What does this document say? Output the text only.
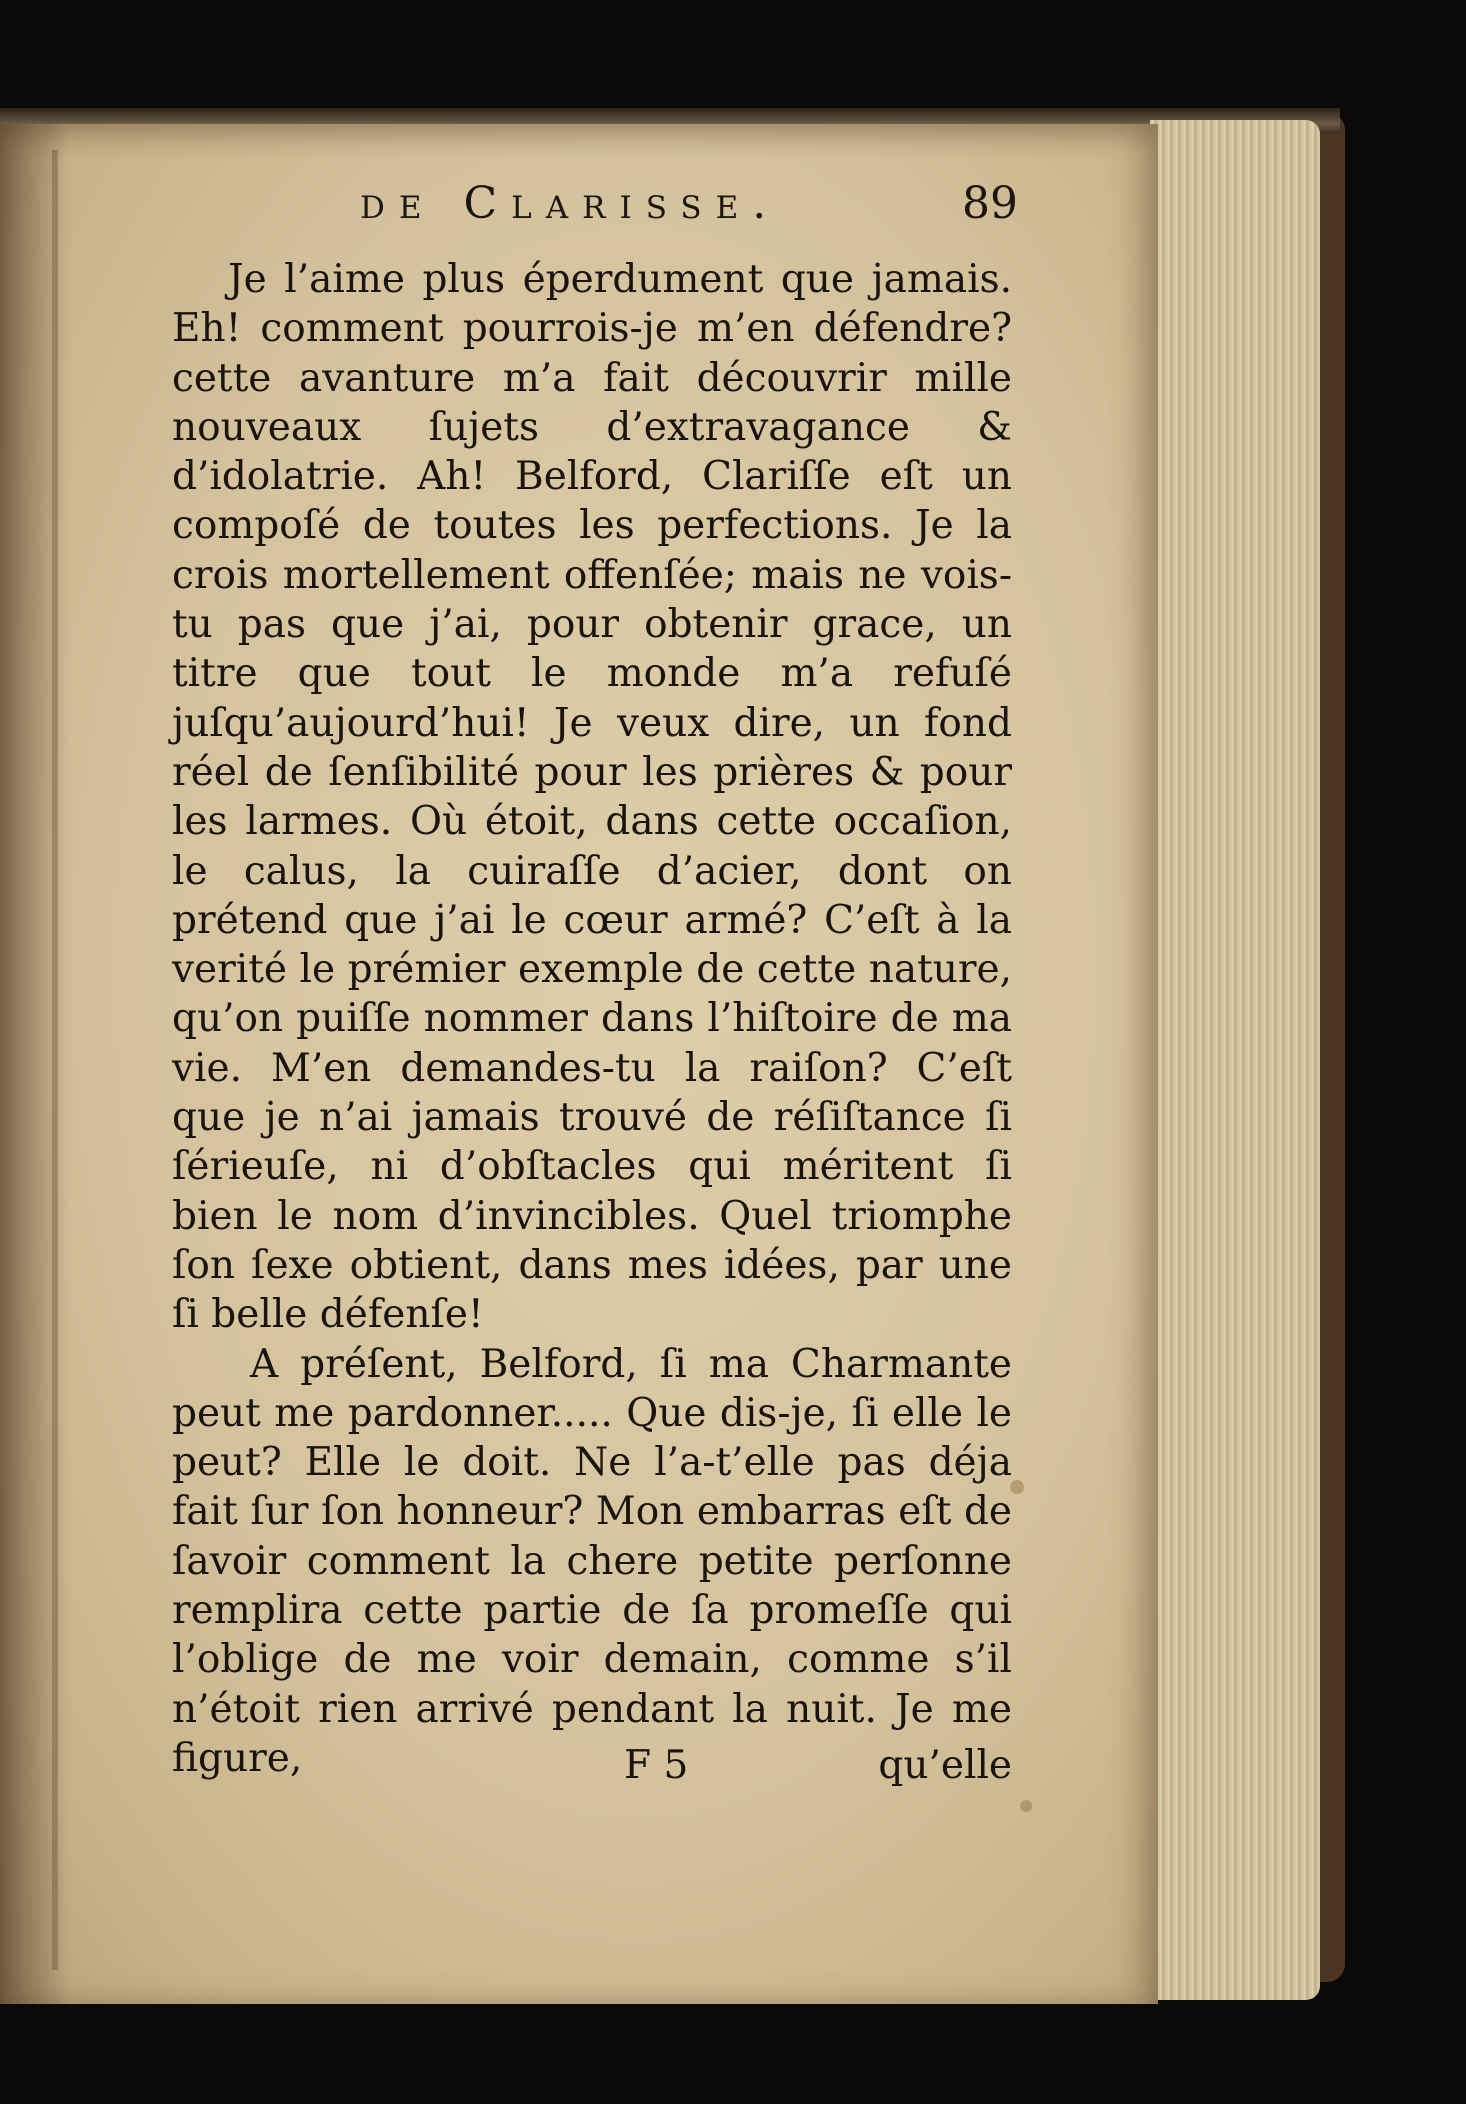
de Clarisse.	89

Je l’aime plus éperdument que jamais. Eh! comment pourrois-je m’en défendre? cette avanture m’a fait découvrir mille nouveaux ſujets d’extravagance & d’idolatrie. Ah! Belford, Clariſſe eſt un compoſé de toutes les perfections. Je la crois mortellement offenſée; mais ne vois-tu pas que j’ai, pour obtenir grace, un titre que tout le monde m’a refuſé juſqu’aujourd’hui! Je veux dire, un fond réel de ſenſibilité pour les prières & pour les larmes. Où étoit, dans cette occaſion, le calus, la cuiraſſe d’acier, dont on prétend que j’ai le cœur armé? C’eſt à la verité le prémier exemple de cette nature, qu’on puiſſe nommer dans l’hiſtoire de ma vie. M’en demandes-tu la raiſon? C’eſt que je n’ai jamais trouvé de réſiſtance ſi ſérieuſe, ni d’obſtacles qui méritent ſi bien le nom d’invincibles. Quel triomphe ſon ſexe obtient, dans mes idées, par une ſi belle défenſe!

A préſent, Belford, ſi ma Charmante peut me pardonner..... Que dis-je, ſi elle le peut? Elle le doit. Ne l’a-t’elle pas déja fait ſur ſon honneur? Mon embarras eſt de ſavoir comment la chere petite perſonne remplira cette partie de ſa promeſſe qui l’oblige de me voir demain, comme s’il n’étoit rien arrivé pendant la nuit. Je me figure,	F 5	qu’elle
